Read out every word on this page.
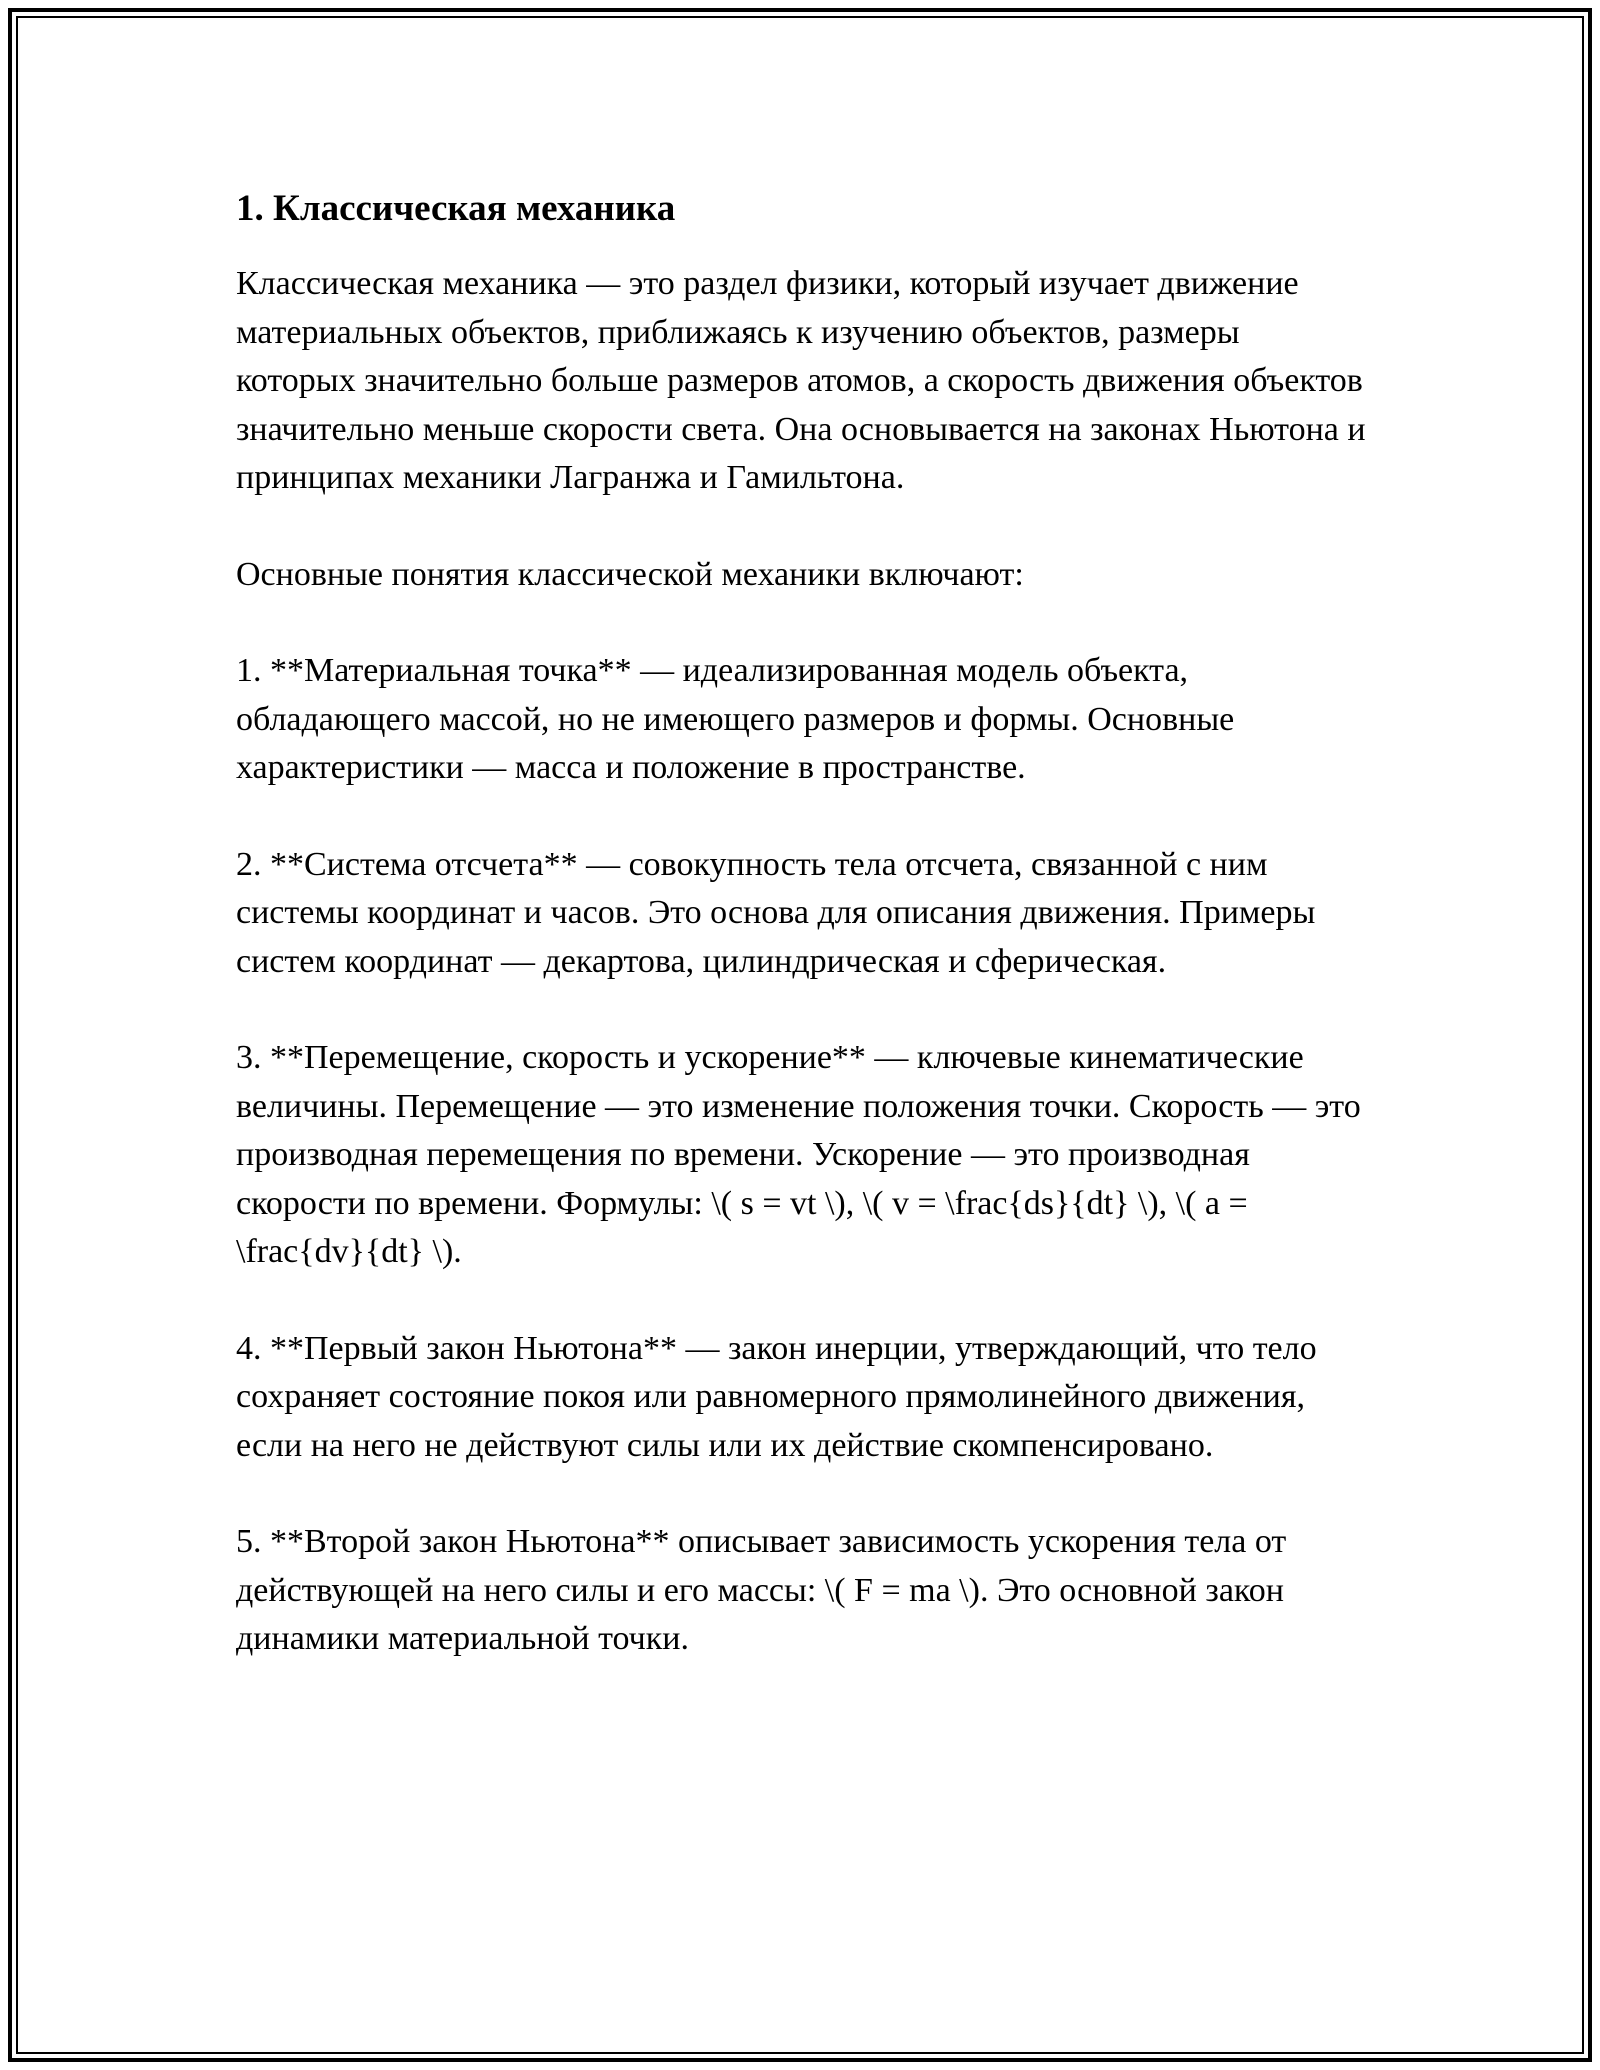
1. Классическая механика

Классическая механика — это раздел физики, который изучает движение материальных объектов, приближаясь к изучению объектов, размеры которых значительно больше размеров атомов, а скорость движения объектов значительно меньше скорости света. Она основывается на законах Ньютона и принципах механики Лагранжа и Гамильтона.

Основные понятия классической механики включают:

1. **Материальная точка** — идеализированная модель объекта, обладающего массой, но не имеющего размеров и формы. Основные характеристики — масса и положение в пространстве.

2. **Система отсчета** — совокупность тела отсчета, связанной с ним системы координат и часов. Это основа для описания движения. Примеры систем координат — декартова, цилиндрическая и сферическая.

3. **Перемещение, скорость и ускорение** — ключевые кинематические величины. Перемещение — это изменение положения точки. Скорость — это производная перемещения по времени. Ускорение — это производная скорости по времени. Формулы: \( s = vt \), \( v = \frac{ds}{dt} \), \( a = \frac{dv}{dt} \).

4. **Первый закон Ньютона** — закон инерции, утверждающий, что тело сохраняет состояние покоя или равномерного прямолинейного движения, если на него не действуют силы или их действие скомпенсировано.

5. **Второй закон Ньютона** описывает зависимость ускорения тела от действующей на него силы и его массы: \( F = ma \). Это основной закон динамики материальной точки.
